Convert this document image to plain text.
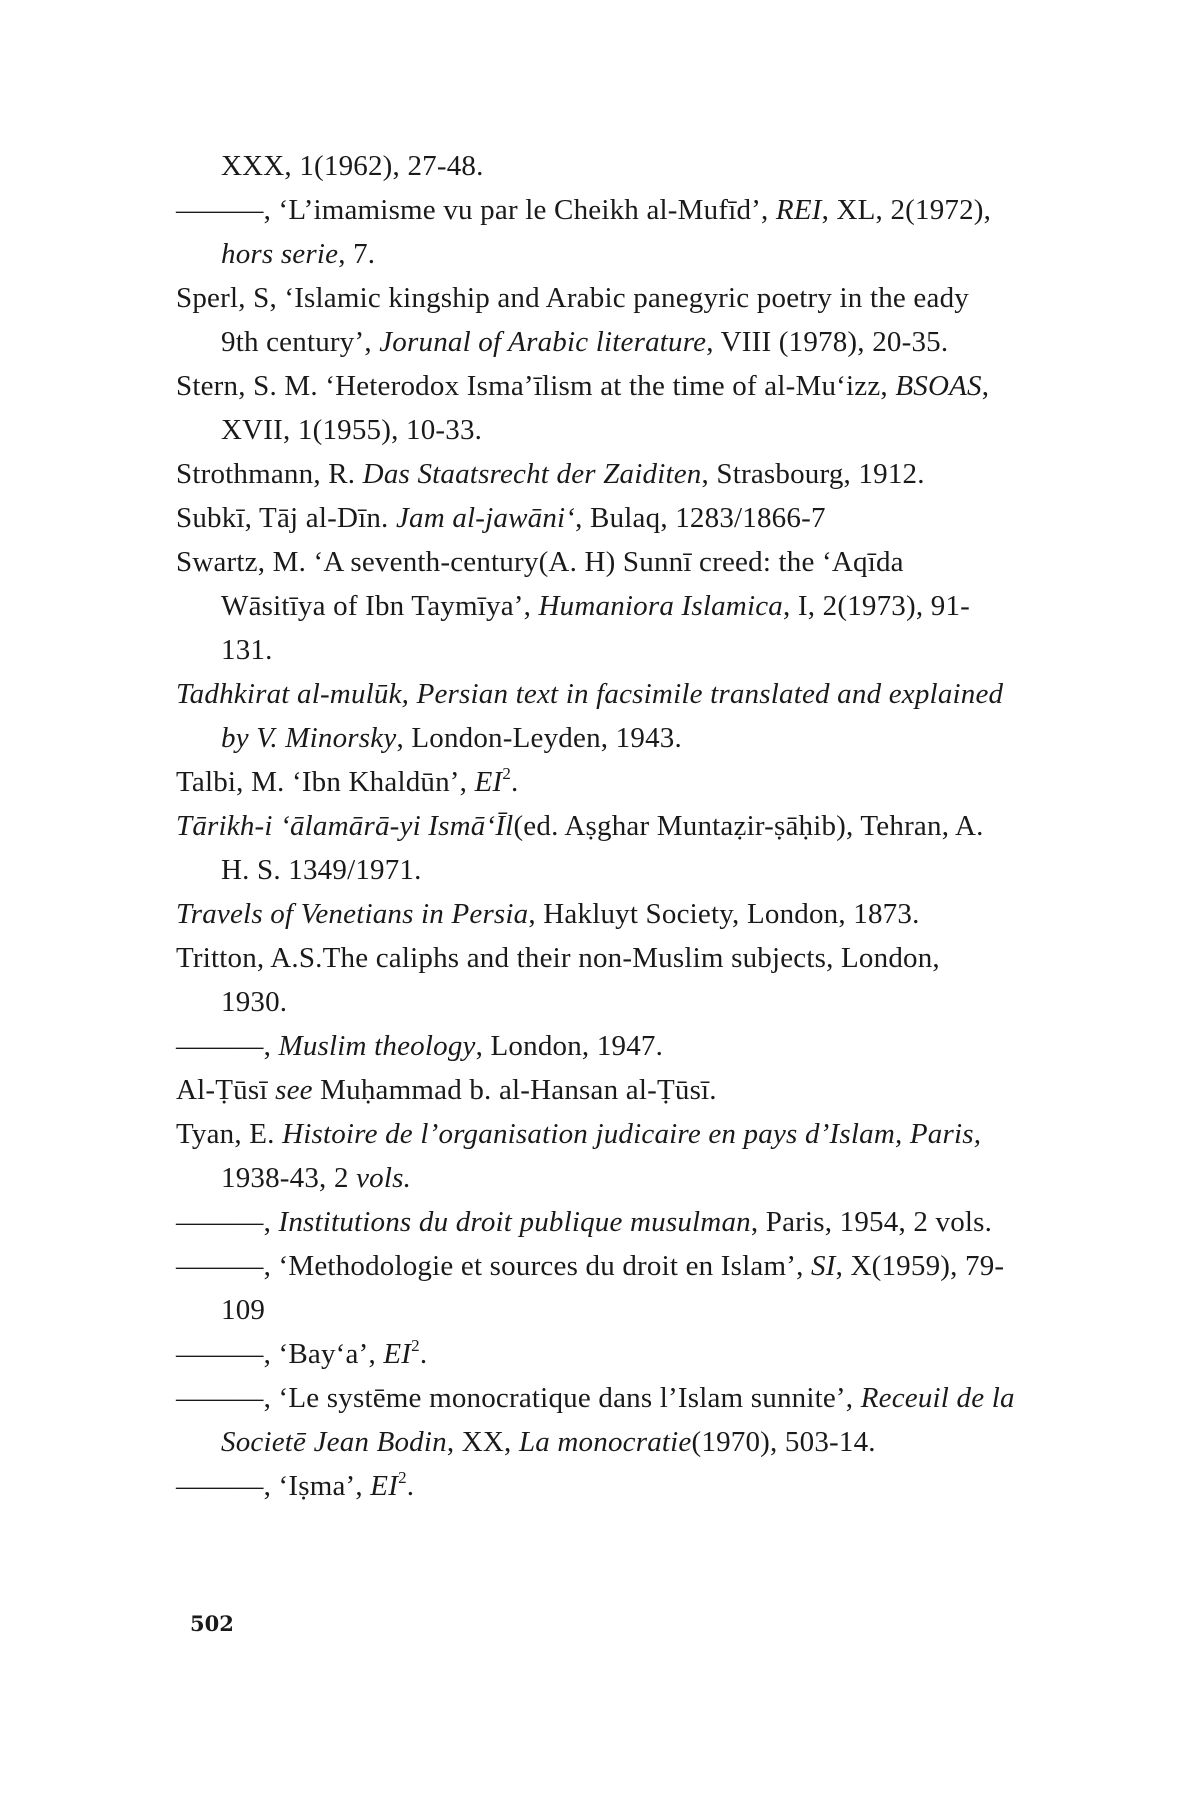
XXX, 1(1962), 27-48.
———, ‘L’imamisme vu par le Cheikh al-Mufīd’, REI, XL, 2(1972),
hors serie, 7.
Sperl, S, ‘Islamic kingship and Arabic panegyric poetry in the eady
9th century’, Jorunal of Arabic literature, VIII (1978), 20-35.
Stern, S. M. ‘Heterodox Isma’īlism at the time of al-Mu‘izz, BSOAS,
XVII, 1(1955), 10-33.
Strothmann, R. Das Staatsrecht der Zaiditen, Strasbourg, 1912.
Subkī, Tāj al-Dīn. Jam al-jawāni‘, Bulaq, 1283/1866-7
Swartz, M. ‘A seventh-century(A. H) Sunnī creed: the ‘Aqīda
Wāsitīya of Ibn Taymīya’, Humaniora Islamica, I, 2(1973), 91-
131.
Tadhkirat al-mulūk, Persian text in facsimile translated and explained
by V. Minorsky, London-Leyden, 1943.
Talbi, M. ‘Ibn Khaldūn’, $EI^2$.
Tārikh-i ‘ālamārā-yi Ismā‘Īl(ed. Aṣghar Muntaẓir-ṣāḥib), Tehran, A.
H. S. 1349/1971.
Travels of Venetians in Persia, Hakluyt Society, London, 1873.
Tritton, A.S.The caliphs and their non-Muslim subjects, London,
1930.
———, Muslim theology, London, 1947.
Al-Ṭūsī see Muḥammad b. al-Hansan al-Ṭūsī.
Tyan, E. Histoire de l’organisation judicaire en pays d’Islam, Paris,
1938-43, 2 vols.
———, Institutions du droit publique musulman, Paris, 1954, 2 vols.
———, ‘Methodologie et sources du droit en Islam’, SI, X(1959), 79-
109
———, ‘Bay‘a’, $EI^2$.
———, ‘Le systēme monocratique dans l’Islam sunnite’, Receuil de la
Societē Jean Bodin, XX, La monocratie(1970), 503-14.
———, ‘Iṣma’, $EI^2$.
502
